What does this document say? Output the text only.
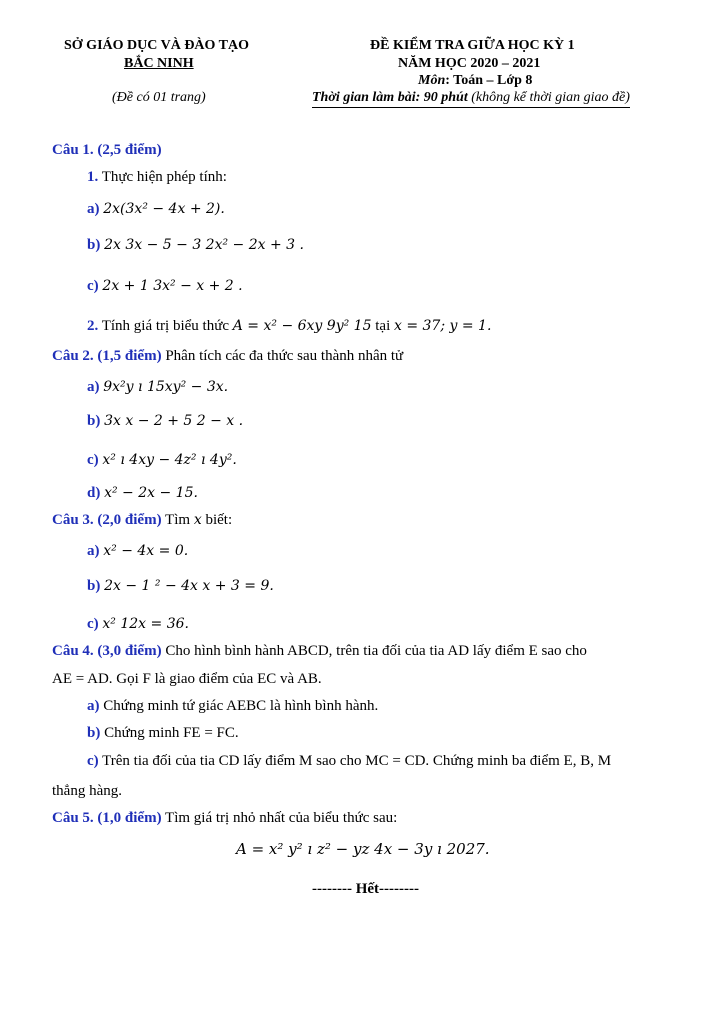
SỞ GIÁO DỤC VÀ ĐÀO TẠO
BẮC NINH
(Đề có 01 trang)
ĐỀ KIỂM TRA GIỮA HỌC KỲ 1
NĂM HỌC 2020 – 2021
Môn: Toán – Lớp 8
Thời gian làm bài: 90 phút (không kể thời gian giao đề)
Câu 1. (2,5 điểm)
1. Thực hiện phép tính:
a) 2x(3x² − 4x + 2).
b) 2x 3x − 5 − 3 2x² − 2x + 3 .
c) 2x + 1 3x² − x + 2 .
2. Tính giá trị biểu thức A = x² − 6xy 9y² 15 tại x = 37; y = 1.
Câu 2. (1,5 điểm) Phân tích các đa thức sau thành nhân tử
a) 9x²y ı 15xy² − 3x.
b) 3x x − 2 + 5 2 − x .
c) x² ı 4xy − 4z² ı 4y².
d) x² − 2x − 15.
Câu 3. (2,0 điểm) Tìm x biết:
a) x² − 4x = 0.
b) 2x − 1 ² − 4x x + 3 = 9.
c) x² 12x = 36.
Câu 4. (3,0 điểm) Cho hình bình hành ABCD, trên tia đối của tia AD lấy điểm E sao cho
AE = AD. Gọi F là giao điểm của EC và AB.
a) Chứng minh tứ giác AEBC là hình bình hành.
b) Chứng minh FE = FC.
c) Trên tia đối của tia CD lấy điểm M sao cho MC = CD. Chứng minh ba điểm E, B, M
thẳng hàng.
Câu 5. (1,0 điểm) Tìm giá trị nhỏ nhất của biểu thức sau:
A = x² y² ı z² − yz 4x − 3y ı 2027.
-------- Hết--------
